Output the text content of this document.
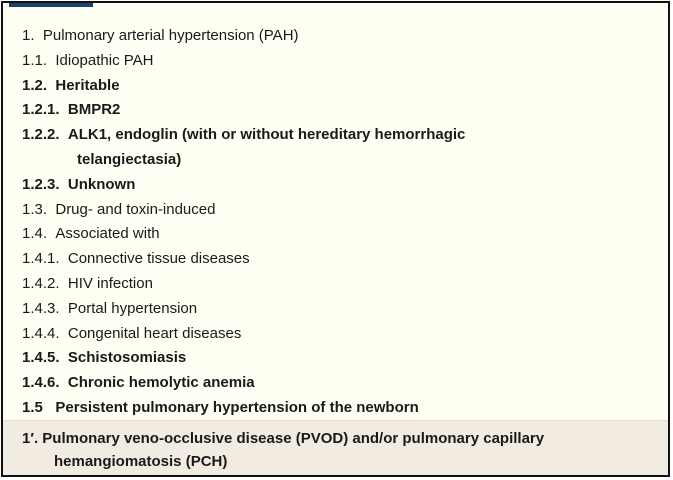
1. Pulmonary arterial hypertension (PAH)
1.1. Idiopathic PAH
1.2. Heritable
1.2.1. BMPR2
1.2.2. ALK1, endoglin (with or without hereditary hemorrhagic
telangiectasia)
1.2.3. Unknown
1.3. Drug- and toxin-induced
1.4. Associated with
1.4.1. Connective tissue diseases
1.4.2. HIV infection
1.4.3. Portal hypertension
1.4.4. Congenital heart diseases
1.4.5. Schistosomiasis
1.4.6. Chronic hemolytic anemia
1.5 Persistent pulmonary hypertension of the newborn
1′. Pulmonary veno-occlusive disease (PVOD) and/or pulmonary capillary
hemangiomatosis (PCH)
